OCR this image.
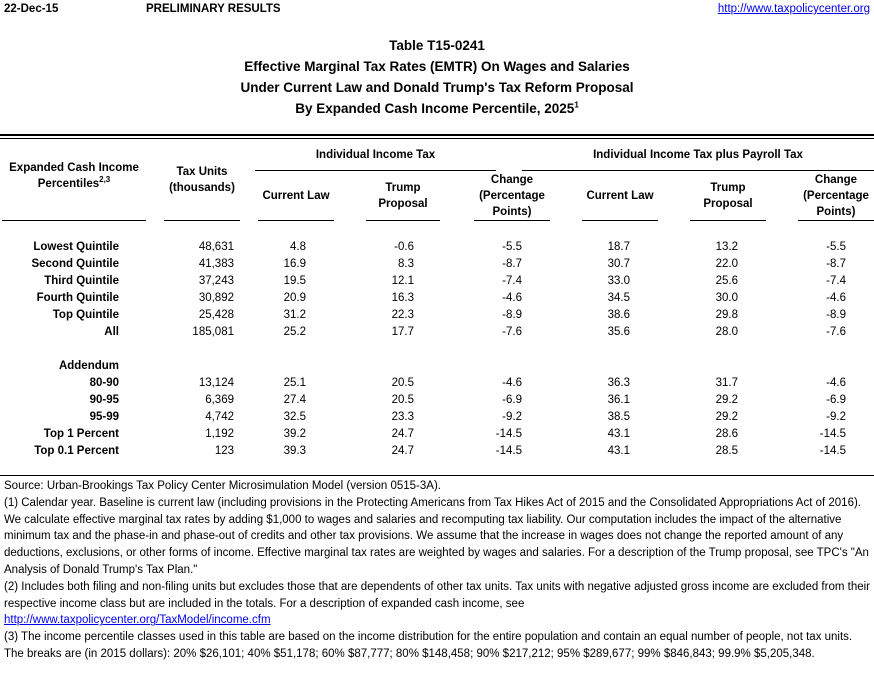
22-Dec-15	PRELIMINARY RESULTS	http://www.taxpolicycenter.org
Table T15-0241
Effective Marginal Tax Rates (EMTR) On Wages and Salaries
Under Current Law and Donald Trump's Tax Reform Proposal
By Expanded Cash Income Percentile, 2025$^1$
Expanded Cash Income
Percentiles$^{2,3}$
Tax Units
(thousands)
Individual Income Tax	Individual Income Tax plus Payroll Tax
Current Law
Trump
Proposal
Change
(Percentage
Points)
Current Law
Trump
Proposal
Change
(Percentage
Points)
Lowest Quintile	48,631	4.8	-0.6	-5.5	18.7	13.2	-5.5
Second Quintile	41,383	16.9	8.3	-8.7	30.7	22.0	-8.7
Third Quintile	37,243	19.5	12.1	-7.4	33.0	25.6	-7.4
Fourth Quintile	30,892	20.9	16.3	-4.6	34.5	30.0	-4.6
Top Quintile	25,428	31.2	22.3	-8.9	38.6	29.8	-8.9
All	185,081	25.2	17.7	-7.6	35.6	28.0	-7.6
Addendum
80-90	13,124	25.1	20.5	-4.6	36.3	31.7	-4.6
90-95	6,369	27.4	20.5	-6.9	36.1	29.2	-6.9
95-99	4,742	32.5	23.3	-9.2	38.5	29.2	-9.2
Top 1 Percent	1,192	39.2	24.7	-14.5	43.1	28.6	-14.5
Top 0.1 Percent	123	39.3	24.7	-14.5	43.1	28.5	-14.5

Source: Urban-Brookings Tax Policy Center Microsimulation Model (version 0515-3A).

(1) Calendar year. Baseline is current law (including provisions in the Protecting Americans from Tax Hikes Act of 2015 and the Consolidated Appropriations Act of 2016). We calculate effective marginal tax rates by adding $1,000 to wages and salaries and recomputing tax liability. Our computation includes the impact of the alternative minimum tax and the phase-in and phase-out of credits and other tax provisions. We assume that the increase in wages does not change the reported amount of any deductions, exclusions, or other forms of income. Effective marginal tax rates are weighted by wages and salaries. For a description of the Trump proposal, see TPC's "An Analysis of Donald Trump's Tax Plan."

(2) Includes both filing and non-filing units but excludes those that are dependents of other tax units. Tax units with negative adjusted gross income are excluded from their respective income class but are included in the totals. For a description of expanded cash income, see

http://www.taxpolicycenter.org/TaxModel/income.cfm

(3) The income percentile classes used in this table are based on the income distribution for the entire population and contain an equal number of people, not tax units. The breaks are (in 2015 dollars): 20% $26,101; 40% $51,178; 60% $87,777; 80% $148,458; 90% $217,212; 95% $289,677; 99% $846,843; 99.9% $5,205,348.
